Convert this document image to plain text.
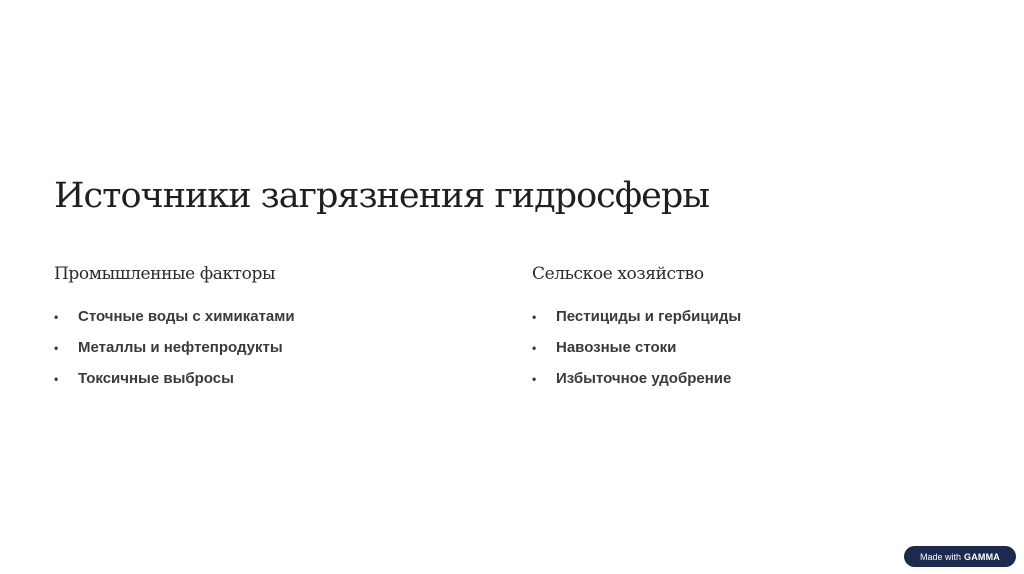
Источники загрязнения гидросферы
Промышленные факторы
•	Сточные воды с химикатами
•	Металлы и нефтепродукты
•	Токсичные выбросы
Сельское хозяйство
•	Пестициды и гербициды
•	Навозные стоки
•	Избыточное удобрение
Made with GAMMA
